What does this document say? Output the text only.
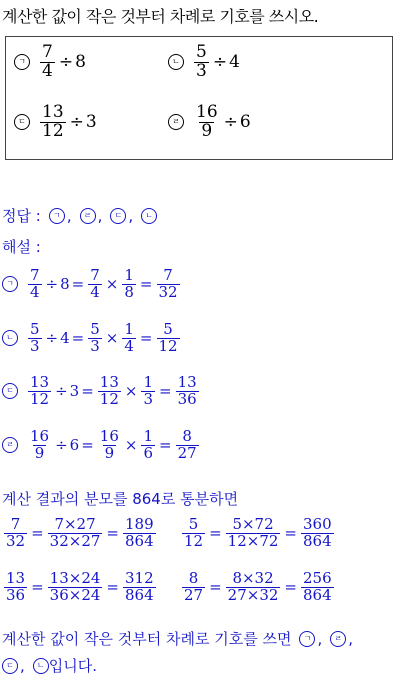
계산한 값이 작은 것부터 차례로 기호를 쓰시오.
ㄱ $\frac{7}{4} \div 8$	ㄴ $\frac{5}{3} \div 4$
ㄷ $\frac{13}{12} \div 3$	ㄹ $\frac{16}{9} \div 6$
정답 :	ㄱ ,	ㄹ ,	ㄷ ,	ㄴ
해설 :
ㄱ $\frac{7}{4} \div 8 = \frac{7}{4} \times \frac{1}{8} = \frac{7}{32}$
ㄴ $\frac{5}{3} \div 4 = \frac{5}{3} \times \frac{1}{4} = \frac{5}{12}$
ㄷ $\frac{13}{12} \div 3 = \frac{13}{12} \times \frac{1}{3} = \frac{13}{36}$
ㄹ $\frac{16}{9} \div 6 = \frac{16}{9} \times \frac{1}{6} = \frac{8}{27}$
계산 결과의 분모를 864로 통분하면
$\frac{7}{32} = \frac{7\times 27}{32\times 27} = \frac{189}{864} \frac{5}{12} = \frac{5\times 72}{12\times 72} = \frac{360}{864}$
$\frac{13}{36} = \frac{13\times 24}{36\times 24} = \frac{312}{864} \frac{8}{27} = \frac{8\times 32}{27\times 32} = \frac{256}{864}$
계산한 값이 작은 것부터 차례로 기호를 쓰면	ㄱ ,	ㄹ ,
ㄷ ,	ㄴ 입니다.
